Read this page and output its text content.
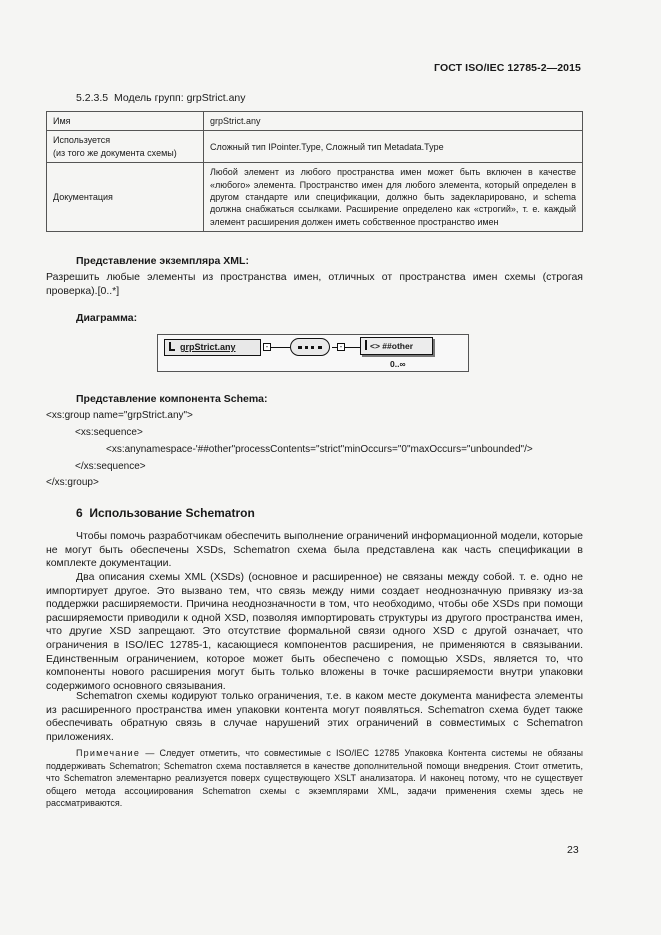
ГОСТ ISO/IEC 12785-2—2015
5.2.3.5 Модель групп: grpStrict.any
Имя	grpStrict.any

Используется
(из того же документа схемы)	Сложный тип IPointer.Type, Сложный тип Metadata.Type
Документация	Любой элемент из любого пространства имен может быть включен в качестве «любого» элемента. Пространство имен для любого элемента, который определен в другом стандарте или спецификации, должно быть задекларировано, и schema должна снабжаться ссылками. Расширение определено как «строгий», т. е. каждый элемент расширения должен иметь собственное пространство имен
Представление экземпляра XML:
Разрешить любые элементы из пространства имен, отличных от пространства имен схемы (строгая проверка).[0..*]
Диаграмма:
grpStrict.any	-	-	<> ##other
0..∞
Представление компонента Schema:
<xs:group name="grpStrict.any">
<xs:sequence>
<xs:anynamespace-'##other"processContents="strict"minOccurs="0"maxOccurs="unbounded"/>
</xs:sequence>
</xs:group>
6  Использование Schematron
Чтобы помочь разработчикам обеспечить выполнение ограничений информационной модели, которые не могут быть обеспечены XSDs, Schematron схема была представлена как часть спецификации в комплекте документации.
Два описания схемы XML (XSDs) (основное и расширенное) не связаны между собой. т. е. одно не импортирует другое. Это вызвано тем, что связь между ними создает неоднозначную привязку из-за поддержки расширяемости. Причина неоднозначности в том, что необходимо, чтобы обе XSDs при помощи расширяемости приводили к одной XSD, позволяя импортировать структуры из другого пространства имен, что другие XSD запрещают. Это отсутствие формальной связи одного XSD с другой означает, что ограничения в ISO/IEC 12785-1, касающиеся компонентов расширения, не применяются в связывании. Единственным ограничением, которое может быть обеспечено с помощью XSDs, является то, что компоненты нового расширения могут быть только вложены в точке расширяемости внутри упаковки содержимого основного связывания.
Schematron схемы кодируют только ограничения, т.е. в каком месте документа манифеста элементы из расширенного пространства имен упаковки контента могут появляться. Schematron схема будет также обеспечивать обратную связь в случае нарушений этих ограничений в совместимых с Schematron приложениях.
Примечание — Следует отметить, что совместимые с ISO/IEC 12785 Упаковка Контента системы не обязаны поддерживать Schematron; Schematron схема поставляется в качестве дополнительной помощи внедрения. Стоит отметить, что Schematron элементарно реализуется поверх существующего XSLT анализатора. И наконец потому, что не существует общего метода ассоциирования Schematron схемы с экземплярами XML, задачи применения схемы здесь не рассматриваются.
23
